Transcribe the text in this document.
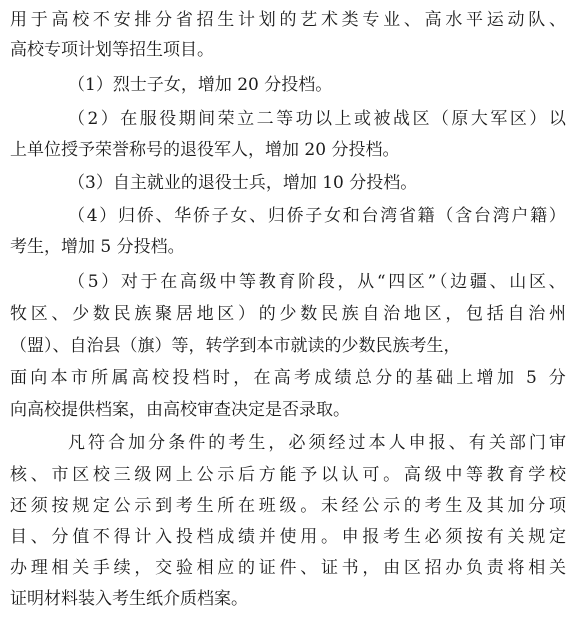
用于高校不安排分省招生计划的艺术类专业、高水平运动队、
高校专项计划等招生项目。
（1）烈士子女，增加 20 分投档。
（2）在服役期间荣立二等功以上或被战区（原大军区）以
上单位授予荣誉称号的退役军人，增加 20 分投档。
（3）自主就业的退役士兵，增加 10 分投档。
（4）归侨、华侨子女、归侨子女和台湾省籍（含台湾户籍）
考生，增加 5 分投档。
（5）对于在高级中等教育阶段，从“四区”（边疆、山区、
牧区、少数民族聚居地区）的少数民族自治地区，包括自治州
（盟）、自治县（旗）等，转学到本市就读的少数民族考生，
面向本市所属高校投档时，在高考成绩总分的基础上增加 5 分
向高校提供档案，由高校审查决定是否录取。
凡符合加分条件的考生，必须经过本人申报、有关部门审
核、市区校三级网上公示后方能予以认可。高级中等教育学校
还须按规定公示到考生所在班级。未经公示的考生及其加分项
目、分值不得计入投档成绩并使用。申报考生必须按有关规定
办理相关手续，交验相应的证件、证书，由区招办负责将相关
证明材料装入考生纸介质档案。
